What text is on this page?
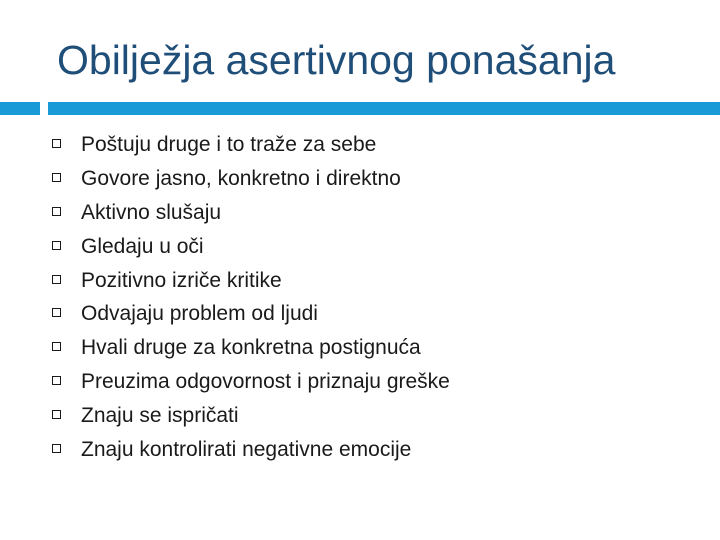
Obilježja asertivnog ponašanja
Poštuju druge i to traže za sebe
Govore jasno, konkretno i direktno
Aktivno slušaju
Gledaju u oči
Pozitivno izriče kritike
Odvajaju problem od ljudi
Hvali druge za konkretna postignuća
Preuzima odgovornost i priznaju greške
Znaju se ispričati
Znaju kontrolirati negativne emocije
